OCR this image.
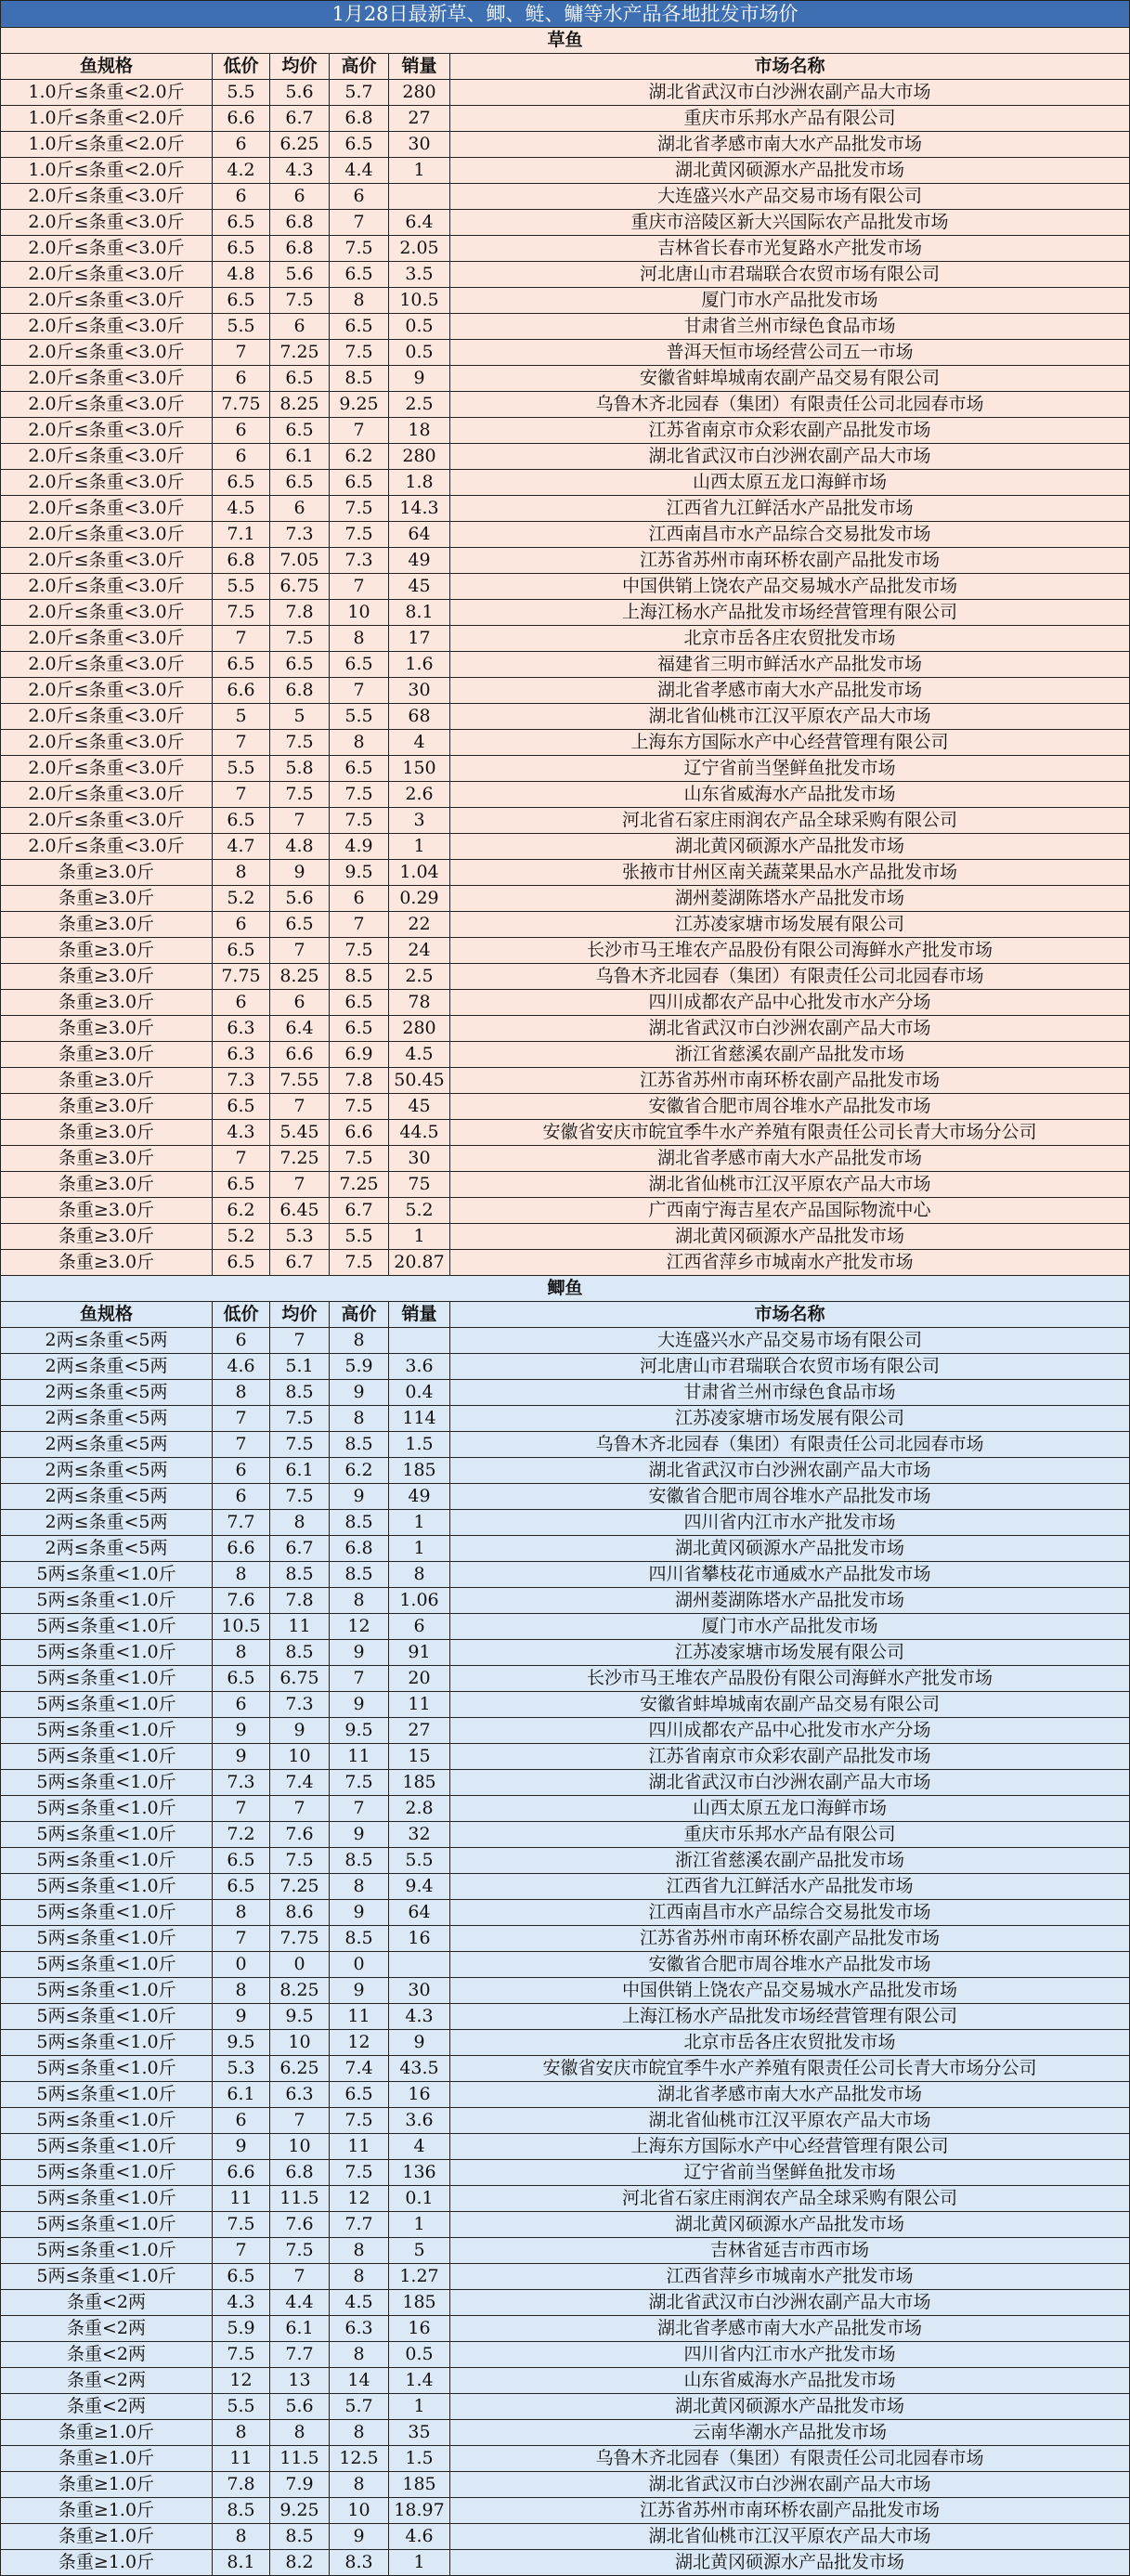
1月28日最新草、鲫、鲢、鳙等水产品各地批发市场价					
草鱼					
鱼规格	低价	均价	高价	销量	市场名称
1.0斤≤条重<2.0斤	5.5	5.6	5.7	280	湖北省武汉市白沙洲农副产品大市场
1.0斤≤条重<2.0斤	6.6	6.7	6.8	27	重庆市乐邦水产品有限公司
1.0斤≤条重<2.0斤	6	6.25	6.5	30	湖北省孝感市南大水产品批发市场
1.0斤≤条重<2.0斤	4.2	4.3	4.4	1	湖北黄冈硕源水产品批发市场
2.0斤≤条重<3.0斤	6	6	6		大连盛兴水产品交易市场有限公司
2.0斤≤条重<3.0斤	6.5	6.8	7	6.4	重庆市涪陵区新大兴国际农产品批发市场
2.0斤≤条重<3.0斤	6.5	6.8	7.5	2.05	吉林省长春市光复路水产批发市场
2.0斤≤条重<3.0斤	4.8	5.6	6.5	3.5	河北唐山市君瑞联合农贸市场有限公司
2.0斤≤条重<3.0斤	6.5	7.5	8	10.5	厦门市水产品批发市场
2.0斤≤条重<3.0斤	5.5	6	6.5	0.5	甘肃省兰州市绿色食品市场
2.0斤≤条重<3.0斤	7	7.25	7.5	0.5	普洱天恒市场经营公司五一市场
2.0斤≤条重<3.0斤	6	6.5	8.5	9	安徽省蚌埠城南农副产品交易有限公司
2.0斤≤条重<3.0斤	7.75	8.25	9.25	2.5	乌鲁木齐北园春（集团）有限责任公司北园春市场
2.0斤≤条重<3.0斤	6	6.5	7	18	江苏省南京市众彩农副产品批发市场
2.0斤≤条重<3.0斤	6	6.1	6.2	280	湖北省武汉市白沙洲农副产品大市场
2.0斤≤条重<3.0斤	6.5	6.5	6.5	1.8	山西太原五龙口海鲜市场
2.0斤≤条重<3.0斤	4.5	6	7.5	14.3	江西省九江鲜活水产品批发市场
2.0斤≤条重<3.0斤	7.1	7.3	7.5	64	江西南昌市水产品综合交易批发市场
2.0斤≤条重<3.0斤	6.8	7.05	7.3	49	江苏省苏州市南环桥农副产品批发市场
2.0斤≤条重<3.0斤	5.5	6.75	7	45	中国供销上饶农产品交易城水产品批发市场
2.0斤≤条重<3.0斤	7.5	7.8	10	8.1	上海江杨水产品批发市场经营管理有限公司
2.0斤≤条重<3.0斤	7	7.5	8	17	北京市岳各庄农贸批发市场
2.0斤≤条重<3.0斤	6.5	6.5	6.5	1.6	福建省三明市鲜活水产品批发市场
2.0斤≤条重<3.0斤	6.6	6.8	7	30	湖北省孝感市南大水产品批发市场
2.0斤≤条重<3.0斤	5	5	5.5	68	湖北省仙桃市江汉平原农产品大市场
2.0斤≤条重<3.0斤	7	7.5	8	4	上海东方国际水产中心经营管理有限公司
2.0斤≤条重<3.0斤	5.5	5.8	6.5	150	辽宁省前当堡鲜鱼批发市场
2.0斤≤条重<3.0斤	7	7.5	7.5	2.6	山东省威海水产品批发市场
2.0斤≤条重<3.0斤	6.5	7	7.5	3	河北省石家庄雨润农产品全球采购有限公司
2.0斤≤条重<3.0斤	4.7	4.8	4.9	1	湖北黄冈硕源水产品批发市场
条重≥3.0斤	8	9	9.5	1.04	张掖市甘州区南关蔬菜果品水产品批发市场
条重≥3.0斤	5.2	5.6	6	0.29	湖州菱湖陈塔水产品批发市场
条重≥3.0斤	6	6.5	7	22	江苏凌家塘市场发展有限公司
条重≥3.0斤	6.5	7	7.5	24	长沙市马王堆农产品股份有限公司海鲜水产批发市场
条重≥3.0斤	7.75	8.25	8.5	2.5	乌鲁木齐北园春（集团）有限责任公司北园春市场
条重≥3.0斤	6	6	6.5	78	四川成都农产品中心批发市水产分场
条重≥3.0斤	6.3	6.4	6.5	280	湖北省武汉市白沙洲农副产品大市场
条重≥3.0斤	6.3	6.6	6.9	4.5	浙江省慈溪农副产品批发市场
条重≥3.0斤	7.3	7.55	7.8	50.45	江苏省苏州市南环桥农副产品批发市场
条重≥3.0斤	6.5	7	7.5	45	安徽省合肥市周谷堆水产品批发市场
条重≥3.0斤	4.3	5.45	6.6	44.5	安徽省安庆市皖宜季牛水产养殖有限责任公司长青大市场分公司
条重≥3.0斤	7	7.25	7.5	30	湖北省孝感市南大水产品批发市场
条重≥3.0斤	6.5	7	7.25	75	湖北省仙桃市江汉平原农产品大市场
条重≥3.0斤	6.2	6.45	6.7	5.2	广西南宁海吉星农产品国际物流中心
条重≥3.0斤	5.2	5.3	5.5	1	湖北黄冈硕源水产品批发市场
条重≥3.0斤	6.5	6.7	7.5	20.87	江西省萍乡市城南水产批发市场
鲫鱼					
鱼规格	低价	均价	高价	销量	市场名称
2两≤条重<5两	6	7	8		大连盛兴水产品交易市场有限公司
2两≤条重<5两	4.6	5.1	5.9	3.6	河北唐山市君瑞联合农贸市场有限公司
2两≤条重<5两	8	8.5	9	0.4	甘肃省兰州市绿色食品市场
2两≤条重<5两	7	7.5	8	114	江苏凌家塘市场发展有限公司
2两≤条重<5两	7	7.5	8.5	1.5	乌鲁木齐北园春（集团）有限责任公司北园春市场
2两≤条重<5两	6	6.1	6.2	185	湖北省武汉市白沙洲农副产品大市场
2两≤条重<5两	6	7.5	9	49	安徽省合肥市周谷堆水产品批发市场
2两≤条重<5两	7.7	8	8.5	1	四川省内江市水产批发市场
2两≤条重<5两	6.6	6.7	6.8	1	湖北黄冈硕源水产品批发市场
5两≤条重<1.0斤	8	8.5	8.5	8	四川省攀枝花市通威水产品批发市场
5两≤条重<1.0斤	7.6	7.8	8	1.06	湖州菱湖陈塔水产品批发市场
5两≤条重<1.0斤	10.5	11	12	6	厦门市水产品批发市场
5两≤条重<1.0斤	8	8.5	9	91	江苏凌家塘市场发展有限公司
5两≤条重<1.0斤	6.5	6.75	7	20	长沙市马王堆农产品股份有限公司海鲜水产批发市场
5两≤条重<1.0斤	6	7.3	9	11	安徽省蚌埠城南农副产品交易有限公司
5两≤条重<1.0斤	9	9	9.5	27	四川成都农产品中心批发市水产分场
5两≤条重<1.0斤	9	10	11	15	江苏省南京市众彩农副产品批发市场
5两≤条重<1.0斤	7.3	7.4	7.5	185	湖北省武汉市白沙洲农副产品大市场
5两≤条重<1.0斤	7	7	7	2.8	山西太原五龙口海鲜市场
5两≤条重<1.0斤	7.2	7.6	9	32	重庆市乐邦水产品有限公司
5两≤条重<1.0斤	6.5	7.5	8.5	5.5	浙江省慈溪农副产品批发市场
5两≤条重<1.0斤	6.5	7.25	8	9.4	江西省九江鲜活水产品批发市场
5两≤条重<1.0斤	8	8.6	9	64	江西南昌市水产品综合交易批发市场
5两≤条重<1.0斤	7	7.75	8.5	16	江苏省苏州市南环桥农副产品批发市场
5两≤条重<1.0斤	0	0	0		安徽省合肥市周谷堆水产品批发市场
5两≤条重<1.0斤	8	8.25	9	30	中国供销上饶农产品交易城水产品批发市场
5两≤条重<1.0斤	9	9.5	11	4.3	上海江杨水产品批发市场经营管理有限公司
5两≤条重<1.0斤	9.5	10	12	9	北京市岳各庄农贸批发市场
5两≤条重<1.0斤	5.3	6.25	7.4	43.5	安徽省安庆市皖宜季牛水产养殖有限责任公司长青大市场分公司
5两≤条重<1.0斤	6.1	6.3	6.5	16	湖北省孝感市南大水产品批发市场
5两≤条重<1.0斤	6	7	7.5	3.6	湖北省仙桃市江汉平原农产品大市场
5两≤条重<1.0斤	9	10	11	4	上海东方国际水产中心经营管理有限公司
5两≤条重<1.0斤	6.6	6.8	7.5	136	辽宁省前当堡鲜鱼批发市场
5两≤条重<1.0斤	11	11.5	12	0.1	河北省石家庄雨润农产品全球采购有限公司
5两≤条重<1.0斤	7.5	7.6	7.7	1	湖北黄冈硕源水产品批发市场
5两≤条重<1.0斤	7	7.5	8	5	吉林省延吉市西市场
5两≤条重<1.0斤	6.5	7	8	1.27	江西省萍乡市城南水产批发市场
条重<2两	4.3	4.4	4.5	185	湖北省武汉市白沙洲农副产品大市场
条重<2两	5.9	6.1	6.3	16	湖北省孝感市南大水产品批发市场
条重<2两	7.5	7.7	8	0.5	四川省内江市水产批发市场
条重<2两	12	13	14	1.4	山东省威海水产品批发市场
条重<2两	5.5	5.6	5.7	1	湖北黄冈硕源水产品批发市场
条重≥1.0斤	8	8	8	35	云南华潮水产品批发市场
条重≥1.0斤	11	11.5	12.5	1.5	乌鲁木齐北园春（集团）有限责任公司北园春市场
条重≥1.0斤	7.8	7.9	8	185	湖北省武汉市白沙洲农副产品大市场
条重≥1.0斤	8.5	9.25	10	18.97	江苏省苏州市南环桥农副产品批发市场
条重≥1.0斤	8	8.5	9	4.6	湖北省仙桃市江汉平原农产品大市场
条重≥1.0斤	8.1	8.2	8.3	1	湖北黄冈硕源水产品批发市场
